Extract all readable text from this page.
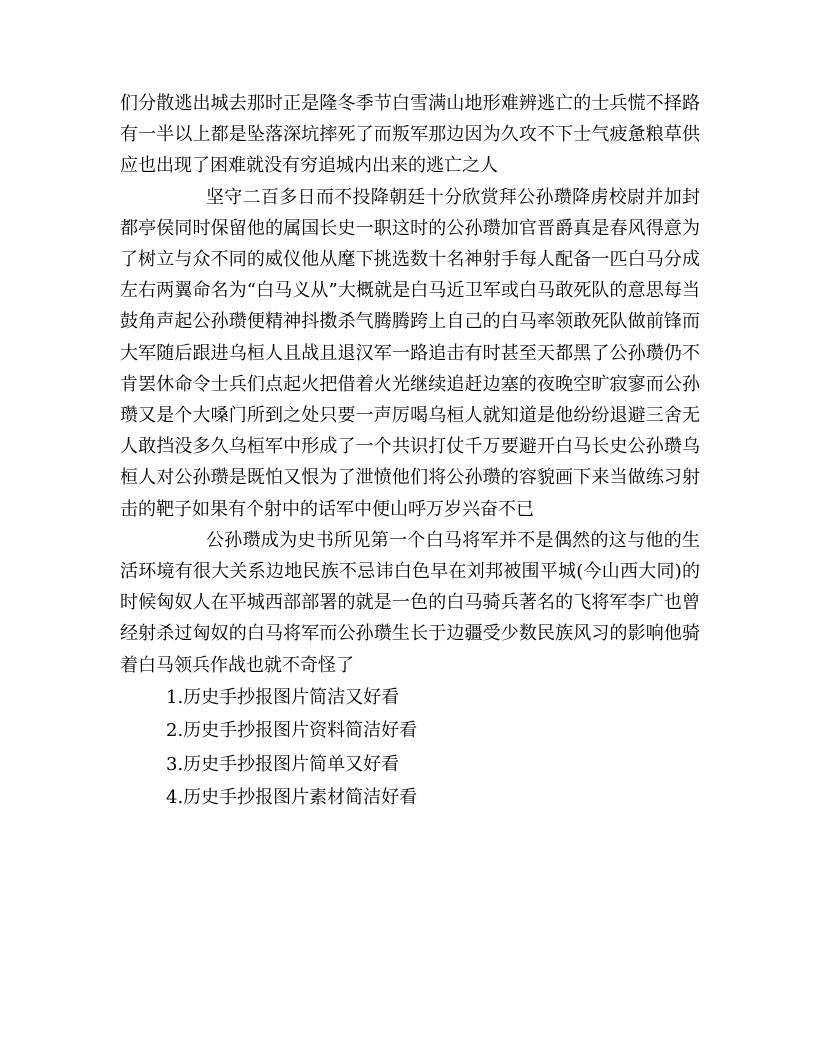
们分散逃出城去那时正是隆冬季节白雪满山地形难辨逃亡的士兵慌不择路有一半以上都是坠落深坑摔死了而叛军那边因为久攻不下士气疲惫粮草供应也出现了困难就没有穷追城内出来的逃亡之人

坚守二百多日而不投降朝廷十分欣赏拜公孙瓒降虏校尉并加封都亭侯同时保留他的属国长史一职这时的公孙瓒加官晋爵真是春风得意为了树立与众不同的威仪他从麾下挑选数十名神射手每人配备一匹白马分成左右两翼命名为“白马义从”大概就是白马近卫军或白马敢死队的意思每当鼓角声起公孙瓒便精神抖擞杀气腾腾跨上自己的白马率领敢死队做前锋而大军随后跟进乌桓人且战且退汉军一路追击有时甚至天都黑了公孙瓒仍不肯罢休命令士兵们点起火把借着火光继续追赶边塞的夜晚空旷寂寥而公孙瓒又是个大嗓门所到之处只要一声厉喝乌桓人就知道是他纷纷退避三舍无人敢挡没多久乌桓军中形成了一个共识打仗千万要避开白马长史公孙瓒乌桓人对公孙瓒是既怕又恨为了泄愤他们将公孙瓒的容貌画下来当做练习射击的靶子如果有个射中的话军中便山呼万岁兴奋不已

公孙瓒成为史书所见第一个白马将军并不是偶然的这与他的生活环境有很大关系边地民族不忌讳白色早在刘邦被围平城(今山西大同)的时候匈奴人在平城西部部署的就是一色的白马骑兵著名的飞将军李广也曾经射杀过匈奴的白马将军而公孙瓒生长于边疆受少数民族风习的影响他骑着白马领兵作战也就不奇怪了

1.历史手抄报图片简洁又好看
2.历史手抄报图片资料简洁好看
3.历史手抄报图片简单又好看
4.历史手抄报图片素材简洁好看
